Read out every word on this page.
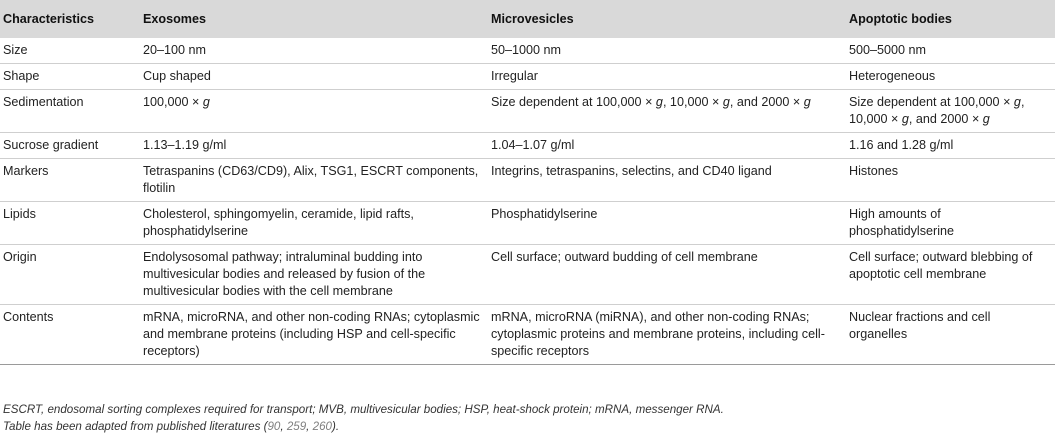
Characteristics	Exosomes	Microvesicles	Apoptotic bodies
Size	20–100 nm	50–1000 nm	500–5000 nm
Shape	Cup shaped	Irregular	Heterogeneous
Sedimentation	100,000 × g	Size dependent at 100,000 × g, 10,000 × g, and 2000 × g	Size dependent at 100,000 × g, 10,000 × g, and 2000 × g
Sucrose gradient	1.13–1.19 g/ml	1.04–1.07 g/ml	1.16 and 1.28 g/ml
Markers	Tetraspanins (CD63/CD9), Alix, TSG1, ESCRT components, flotilin	Integrins, tetraspanins, selectins, and CD40 ligand	Histones
Lipids	Cholesterol, sphingomyelin, ceramide, lipid rafts, phosphatidylserine	Phosphatidylserine	High amounts of phosphatidylserine
Origin	Endolysosomal pathway; intraluminal budding into multivesicular bodies and released by fusion of the multivesicular bodies with the cell membrane	Cell surface; outward budding of cell membrane	Cell surface; outward blebbing of apoptotic cell membrane
Contents	mRNA, microRNA, and other non-coding RNAs; cytoplasmic and membrane proteins (including HSP and cell-specific receptors)	mRNA, microRNA (miRNA), and other non-coding RNAs; cytoplasmic proteins and membrane proteins, including cell-specific receptors	Nuclear fractions and cell organelles
ESCRT, endosomal sorting complexes required for transport; MVB, multivesicular bodies; HSP, heat-shock protein; mRNA, messenger RNA.
Table has been adapted from published literatures (90, 259, 260).
